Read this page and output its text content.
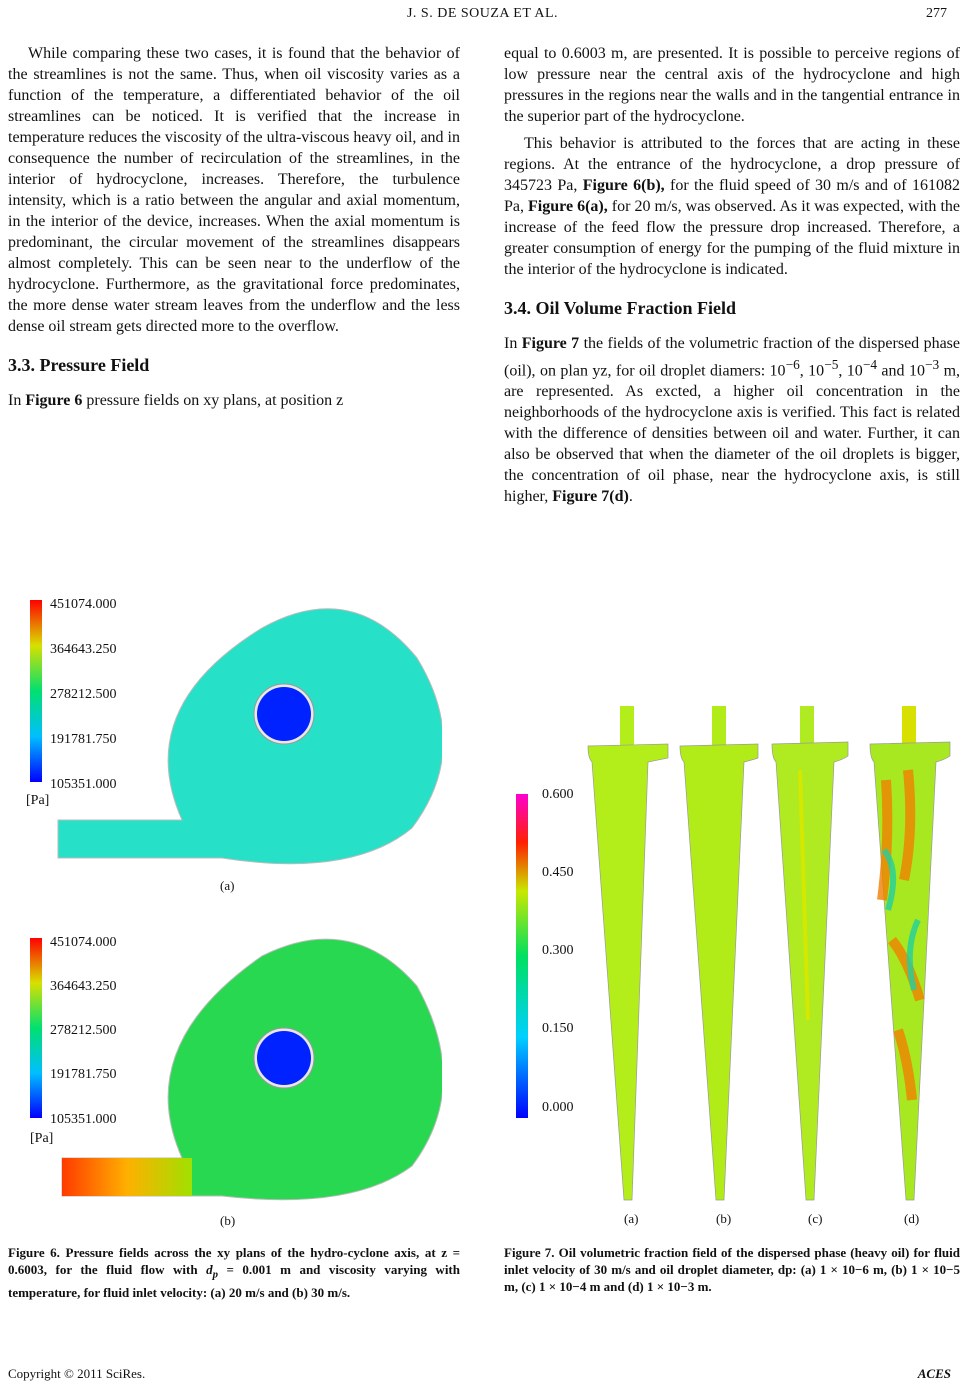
J. S. DE SOUZA ET AL.	277

While comparing these two cases, it is found that the behavior of the streamlines is not the same. Thus, when oil viscosity varies as a function of the temperature, a differentiated behavior of the oil streamlines can be noticed. It is verified that the increase in temperature reduces the viscosity of the ultra-viscous heavy oil, and in consequence the number of recirculation of the streamlines, in the interior of hydrocyclone, increases. Therefore, the turbulence intensity, which is a ratio between the angular and axial momentum, in the interior of the device, increases. When the axial momentum is predominant, the circular movement of the streamlines disappears almost completely. This can be seen near to the underflow of the hydrocyclone. Furthermore, as the gravitational force predominates, the more dense water stream leaves from the underflow and the less dense oil stream gets directed more to the overflow.

3.3. Pressure Field

In Figure 6 pressure fields on xy plans, at position z

451074.000
364643.250
278212.500
191781.750
105351.000
[Pa]
(a)
451074.000
364643.250
278212.500
191781.750
105351.000
[Pa]
(b)
Figure 6. Pressure fields across the xy plans of the hydro-cyclone axis, at z = 0.6003, for the fluid flow with $d_p = 0.001$ m and viscosity varying with temperature, for fluid inlet velocity: (a) 20 m/s and (b) 30 m/s.

equal to 0.6003 m, are presented. It is possible to perceive regions of low pressure near the central axis of the hydrocyclone and high pressures in the regions near the walls and in the tangential entrance in the superior part of the hydrocyclone.

This behavior is attributed to the forces that are acting in these regions. At the entrance of the hydrocyclone, a drop pressure of 345723 Pa, Figure 6(b), for the fluid speed of 30 m/s and of 161082 Pa, Figure 6(a), for 20 m/s, was observed. As it was expected, with the increase of the feed flow the pressure drop increased. Therefore, a greater consumption of energy for the pumping of the fluid mixture in the interior of the hydrocyclone is indicated.

3.4. Oil Volume Fraction Field

In Figure 7 the fields of the volumetric fraction of the dispersed phase (oil), on plan yz, for oil droplet diamers: $10^{-6}$, $10^{-5}$, $10^{-4}$ and $10^{-3}$ m, are represented. As excted, a higher oil concentration in the neighborhoods of the hydrocyclone axis is verified. This fact is related with the difference of densities between oil and water. Further, it can also be observed that when the diameter of the oil droplets is bigger, the concentration of oil phase, near the hydrocyclone axis, is still higher, Figure 7(d).

0.600
0.450
0.300
0.150
0.000
(a)	(b)	(c)	(d)
Figure 7. Oil volumetric fraction field of the dispersed phase (heavy oil) for fluid inlet velocity of 30 m/s and oil droplet diameter, dp: (a) 1 × 10−6 m, (b) 1 × 10−5 m, (c) 1 × 10−4 m and (d) 1 × 10−3 m.
Copyright © 2011 SciRes.	ACES
